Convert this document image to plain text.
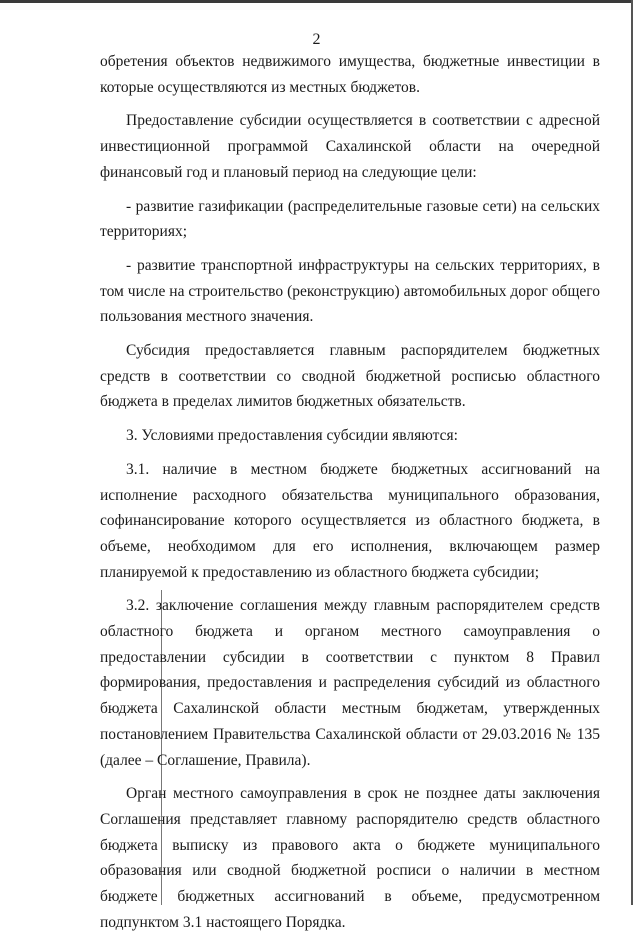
2

обретения объектов недвижимого имущества, бюджетные инвестиции в которые осуществляются из местных бюджетов.

Предоставление субсидии осуществляется в соответствии с адресной инвестиционной программой Сахалинской области на очередной финансовый год и плановый период на следующие цели:

- развитие газификации (распределительные газовые сети) на сельских территориях;

- развитие транспортной инфраструктуры на сельских территориях, в том числе на строительство (реконструкцию) автомобильных дорог общего пользования местного значения.

Субсидия предоставляется главным распорядителем бюджетных средств в соответствии со сводной бюджетной росписью областного бюджета в пределах лимитов бюджетных обязательств.

3. Условиями предоставления субсидии являются:

3.1. наличие в местном бюджете бюджетных ассигнований на исполнение расходного обязательства муниципального образования, софинансирование которого осуществляется из областного бюджета, в объеме, необходимом для его исполнения, включающем размер планируемой к предоставлению из областного бюджета субсидии;

3.2. заключение соглашения между главным распорядителем средств областного бюджета и органом местного самоуправления о предоставлении субсидии в соответствии с пунктом 8 Правил формирования, предоставления и распределения субсидий из областного бюджета Сахалинской области местным бюджетам, утвержденных постановлением Правительства Сахалинской области от 29.03.2016 № 135 (далее – Соглашение, Правила).

Орган местного самоуправления в срок не позднее даты заключения Соглашения представляет главному распорядителю средств областного бюджета выписку из правового акта о бюджете муниципального образования или сводной бюджетной росписи о наличии в местном бюджете бюджетных ассигнований в объеме, предусмотренном подпунктом 3.1 настоящего Порядка.
